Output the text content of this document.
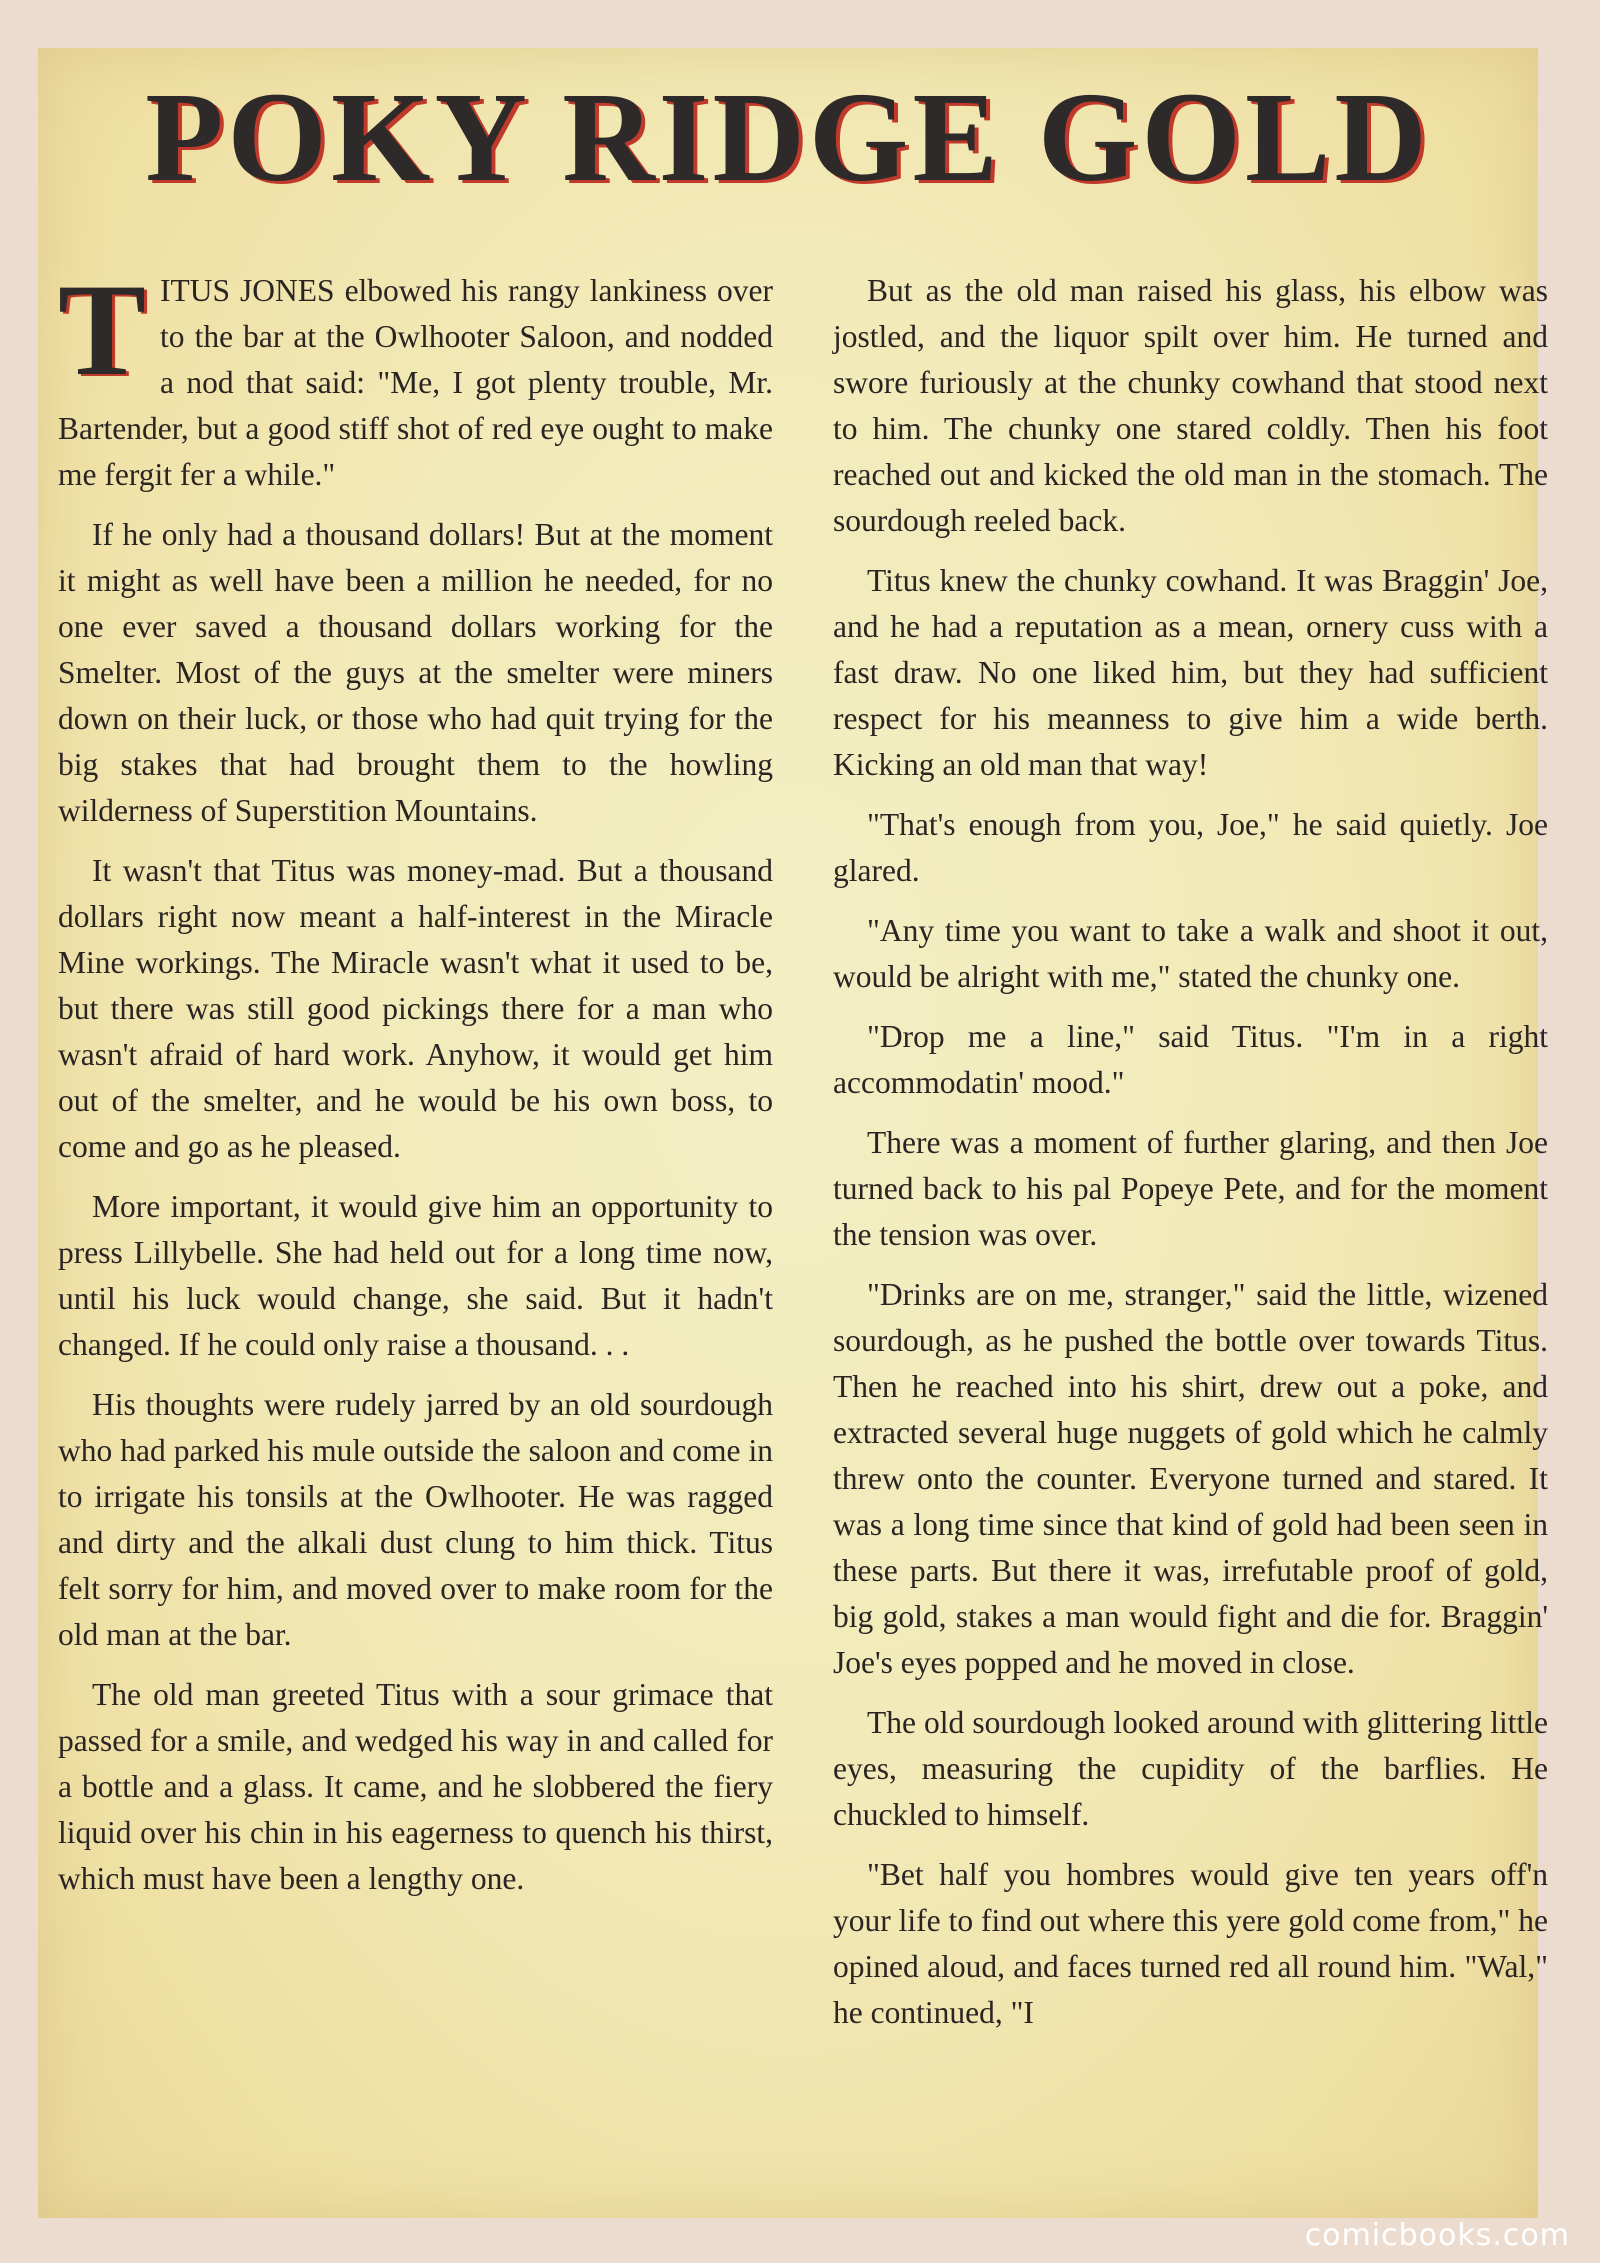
POKY RIDGE GOLD

TITUS JONES elbowed his rangy lankiness over to the bar at the Owlhooter Saloon, and nodded a nod that said: "Me, I got plenty trouble, Mr. Bartender, but a good stiff shot of red eye ought to make me fergit fer a while."

If he only had a thousand dollars! But at the moment it might as well have been a million he needed, for no one ever saved a thousand dollars working for the Smelter. Most of the guys at the smelter were miners down on their luck, or those who had quit trying for the big stakes that had brought them to the howling wilderness of Superstition Mountains.

It wasn't that Titus was money-mad. But a thousand dollars right now meant a half-interest in the Miracle Mine workings. The Miracle wasn't what it used to be, but there was still good pickings there for a man who wasn't afraid of hard work. Anyhow, it would get him out of the smelter, and he would be his own boss, to come and go as he pleased.

More important, it would give him an opportunity to press Lillybelle. She had held out for a long time now, until his luck would change, she said. But it hadn't changed. If he could only raise a thousand. . .

His thoughts were rudely jarred by an old sourdough who had parked his mule outside the saloon and come in to irrigate his tonsils at the Owlhooter. He was ragged and dirty and the alkali dust clung to him thick. Titus felt sorry for him, and moved over to make room for the old man at the bar.

The old man greeted Titus with a sour grimace that passed for a smile, and wedged his way in and called for a bottle and a glass. It came, and he slobbered the fiery liquid over his chin in his eagerness to quench his thirst, which must have been a lengthy one.

But as the old man raised his glass, his elbow was jostled, and the liquor spilt over him. He turned and swore furiously at the chunky cowhand that stood next to him. The chunky one stared coldly. Then his foot reached out and kicked the old man in the stomach. The sourdough reeled back.

Titus knew the chunky cowhand. It was Braggin' Joe, and he had a reputation as a mean, ornery cuss with a fast draw. No one liked him, but they had sufficient respect for his meanness to give him a wide berth. Kicking an old man that way!

"That's enough from you, Joe," he said quietly. Joe glared.

"Any time you want to take a walk and shoot it out, would be alright with me," stated the chunky one.

"Drop me a line," said Titus. "I'm in a right accommodatin' mood."

There was a moment of further glaring, and then Joe turned back to his pal Popeye Pete, and for the moment the tension was over.

"Drinks are on me, stranger," said the little, wizened sourdough, as he pushed the bottle over towards Titus. Then he reached into his shirt, drew out a poke, and extracted several huge nuggets of gold which he calmly threw onto the counter. Everyone turned and stared. It was a long time since that kind of gold had been seen in these parts. But there it was, irrefutable proof of gold, big gold, stakes a man would fight and die for. Braggin' Joe's eyes popped and he moved in close.

The old sourdough looked around with glittering little eyes, measuring the cupidity of the barflies. He chuckled to himself.

"Bet half you hombres would give ten years off'n your life to find out where this yere gold come from," he opined aloud, and faces turned red all round him. "Wal," he continued, "I

comicbooks.com
